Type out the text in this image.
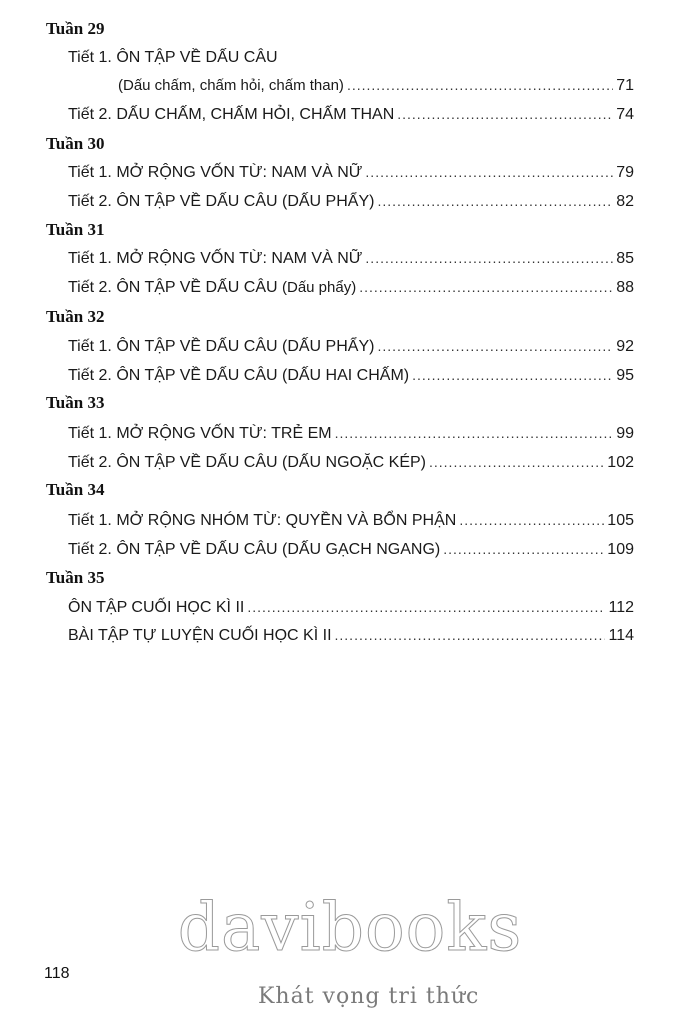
Tuần 29
Tiết 1. ÔN TẬP VỀ DẤU CÂU
(Dấu chấm, chấm hỏi, chấm than) .....	71
Tiết 2. DẤU CHẤM, CHẤM HỎI, CHẤM THAN .....	74
Tuần 30
Tiết 1. MỞ RỘNG VỐN TỪ: NAM VÀ NỮ .....	79
Tiết 2. ÔN TẬP VỀ DẤU CÂU (DẤU PHẨY) .....	82
Tuần 31
Tiết 1. MỞ RỘNG VỐN TỪ: NAM VÀ NỮ .....	85
Tiết 2. ÔN TẬP VỀ DẤU CÂU (Dấu phẩy) .....	88
Tuần 32
Tiết 1. ÔN TẬP VỀ DẤU CÂU (DẤU PHẨY) .....	92
Tiết 2. ÔN TẬP VỀ DẤU CÂU (DẤU HAI CHẤM) .....	95
Tuần 33
Tiết 1. MỞ RỘNG VỐN TỪ: TRẺ EM .....	99
Tiết 2. ÔN TẬP VỀ DẤU CÂU (DẤU NGOẶC KÉP) .....	102
Tuần 34
Tiết 1. MỞ RỘNG NHÓM TỪ: QUYỀN VÀ BỔN PHẬN .....	105
Tiết 2. ÔN TẬP VỀ DẤU CÂU (DẤU GẠCH NGANG) .....	109
Tuần 35
ÔN TẬP CUỐI HỌC KÌ II .....	112
BÀI TẬP TỰ LUYỆN CUỐI HỌC KÌ II .....	114
davibooks
Khát vọng tri thức
118
